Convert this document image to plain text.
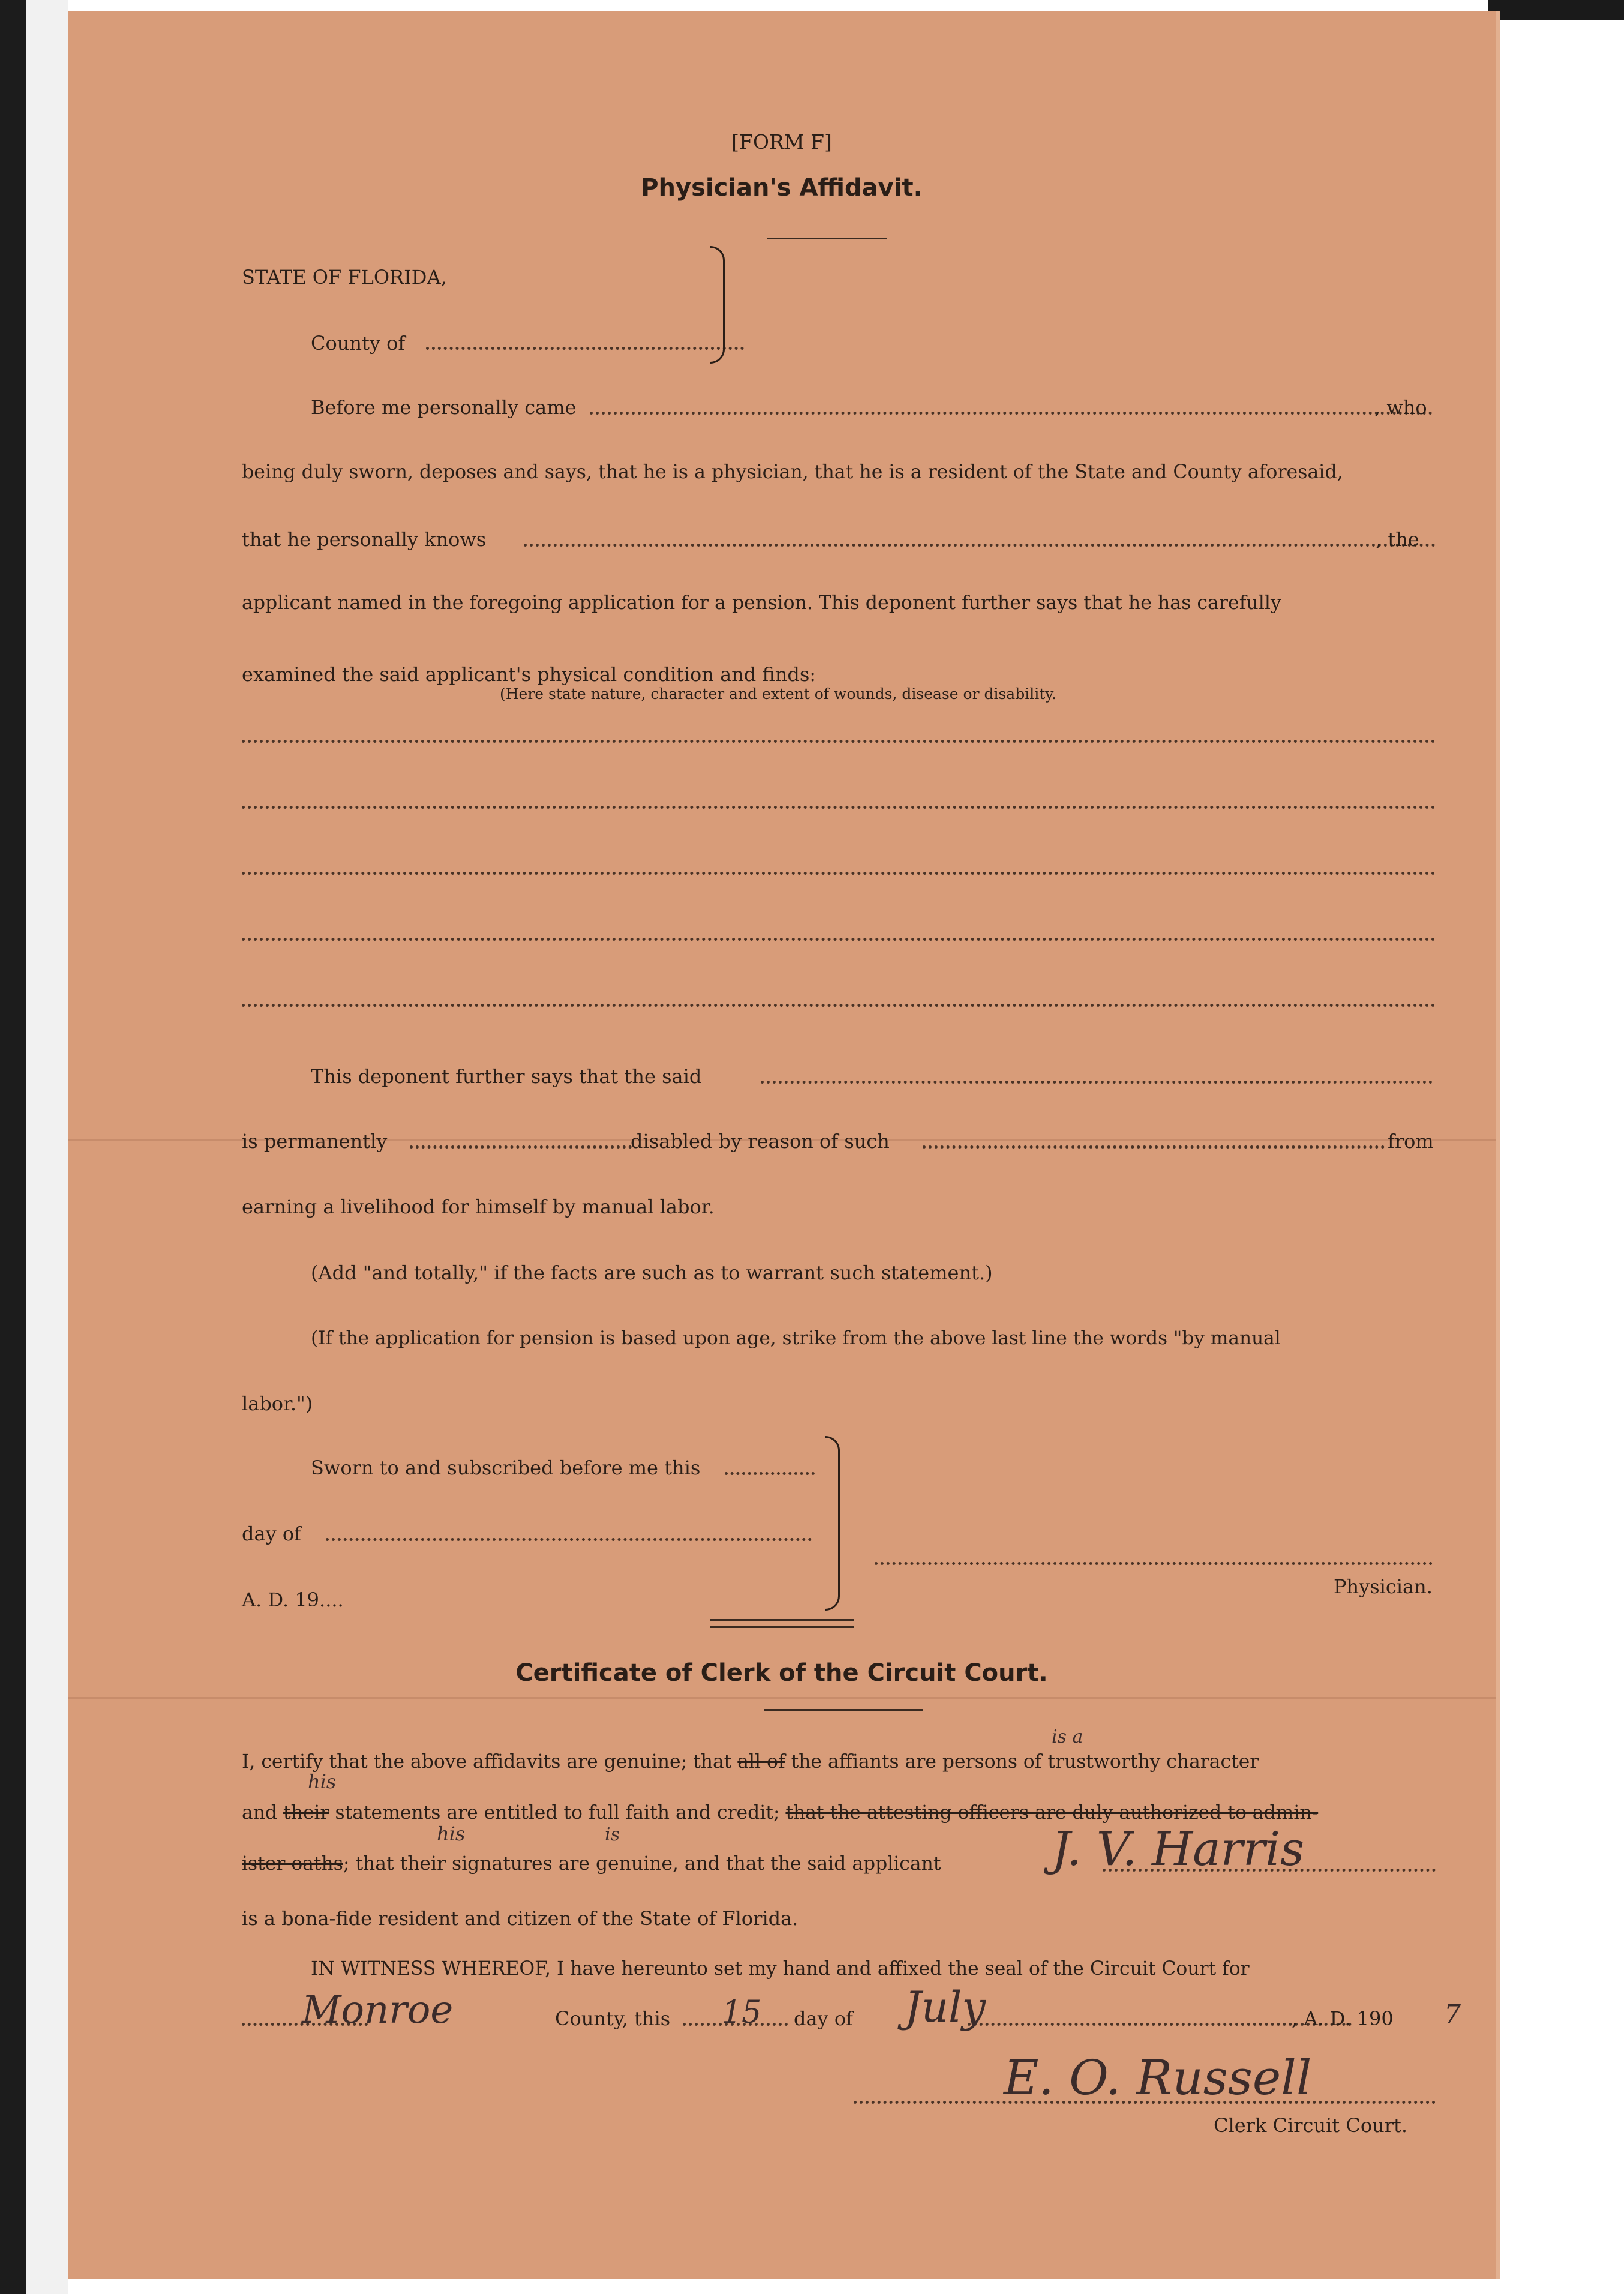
[FORM F]
Physician's Affidavit.
STATE OF FLORIDA,
County of
Before me personally came	, who
being duly sworn, deposes and says, that he is a physician, that he is a resident of the State and County aforesaid,
that he personally knows	, the
applicant named in the foregoing application for a pension. This deponent further says that he has carefully
examined the said applicant's physical condition and finds:
(Here state nature, character and extent of wounds, disease or disability.
This deponent further says that the said
is permanently	disabled by reason of such	from
earning a livelihood for himself by manual labor.
(Add "and totally," if the facts are such as to warrant such statement.)
(If the application for pension is based upon age, strike from the above last line the words "by manual
labor.")
Sworn to and subscribed before me this
day of
A. D. 19....
Physician.
Certificate of Clerk of the Circuit Court.
I, certify that the above affidavits are genuine; that all of the affiants are persons of trustworthy character
and their statements are entitled to full faith and credit; that the attesting officers are duly authorized to admin-
ister oaths; that their signatures are genuine, and that the said applicant
is a bona-fide resident and citizen of the State of Florida.
IN WITNESS WHEREOF, I have hereunto set my hand and affixed the seal of the Circuit Court for
County, this	day of	, A. D. 190
Clerk Circuit Court.
J. V. Harris
Monroe	15	July	7
E. O. Russell
his
his
is a
is
